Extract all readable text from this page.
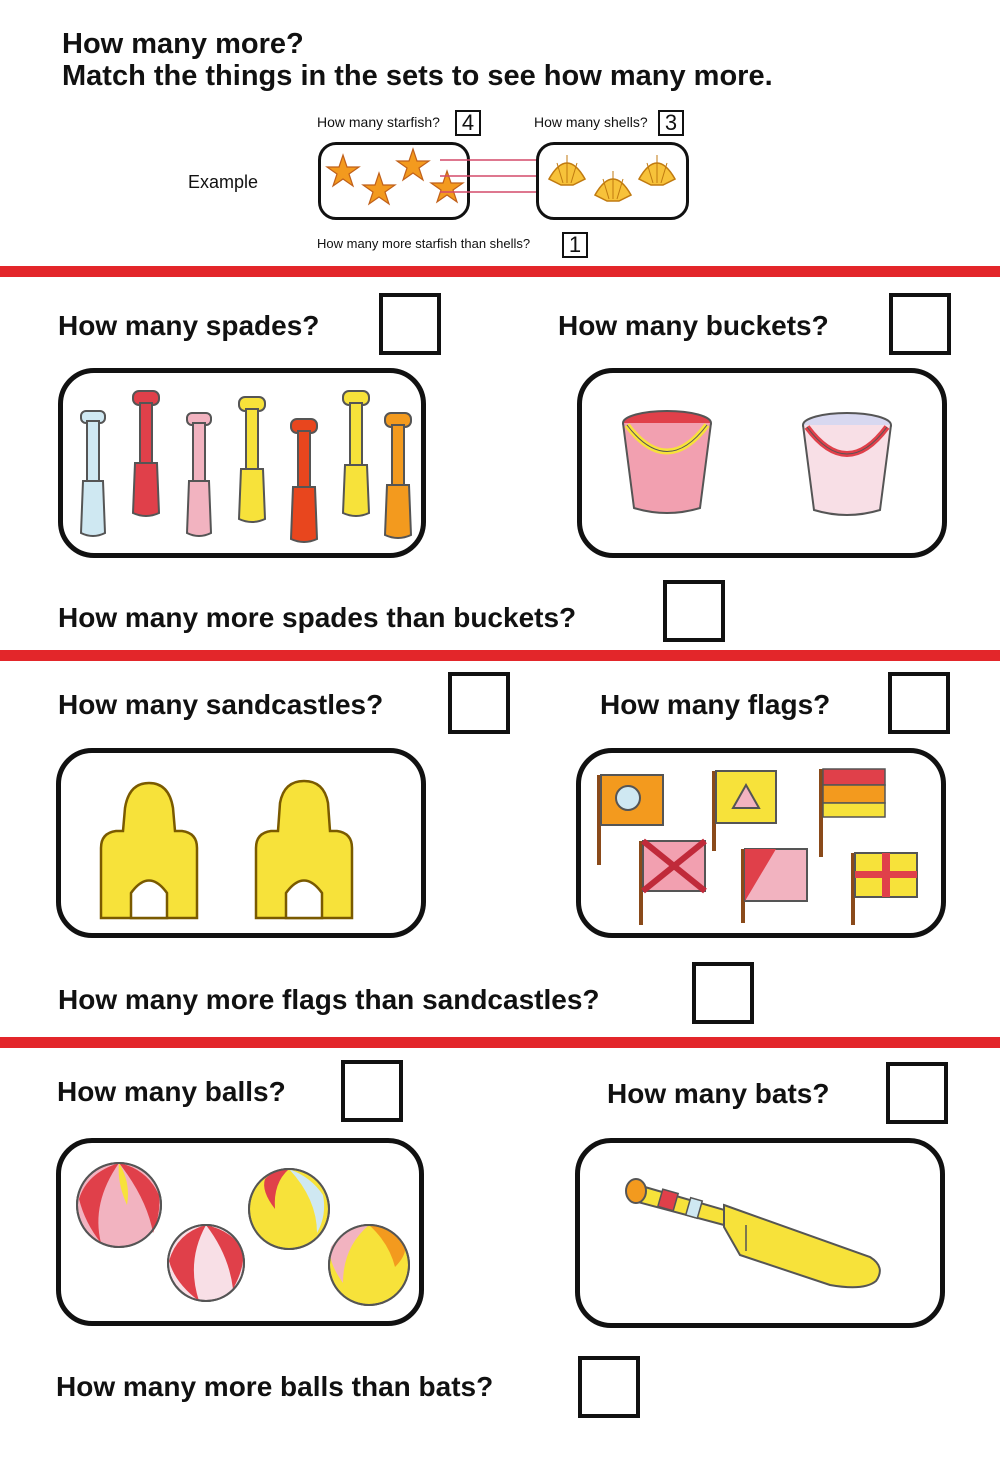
How many more?
Match the things in the sets to see how many more.
How many starfish? 4	How many shells? 3
Example
How many more starfish than shells?	1
How many spades?	How many buckets?
How many more spades than buckets?
How many sandcastles?	How many flags?
How many more flags than sandcastles?
How many balls?	How many bats?
How many more balls than bats?
